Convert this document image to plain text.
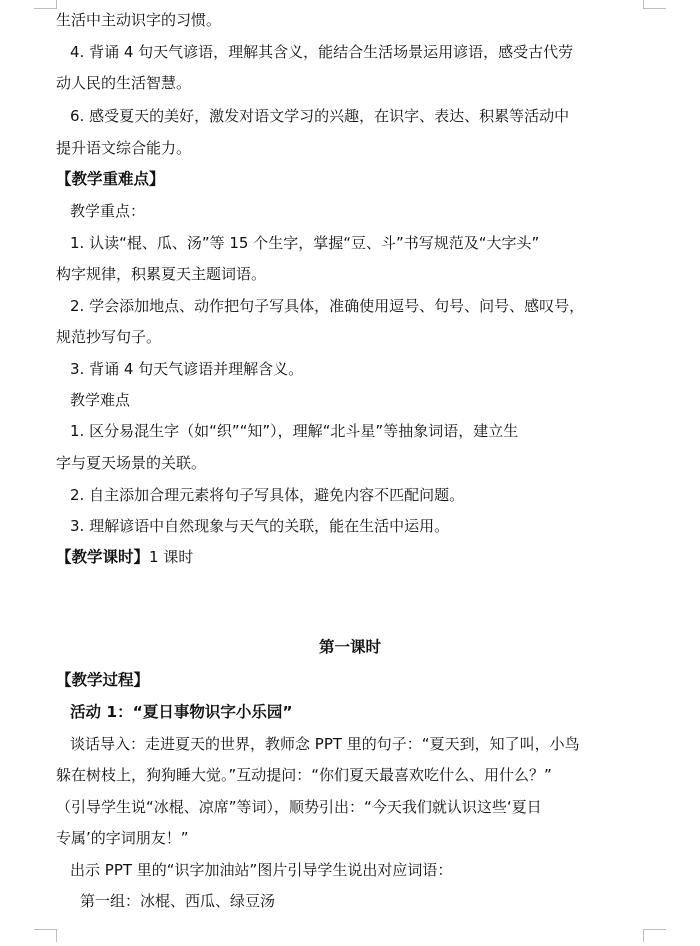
生活中主动识字的习惯。
4. 背诵 4 句天气谚语，理解其含义，能结合生活场景运用谚语，感受古代劳
动人民的生活智慧。
6. 感受夏天的美好，激发对语文学习的兴趣，在识字、表达、积累等活动中
提升语文综合能力。
【教学重难点】
教学重点：
1. 认读“棍、瓜、汤”等 15 个生字，掌握“豆、斗”书写规范及“大字头”
构字规律，积累夏天主题词语。
2. 学会添加地点、动作把句子写具体，准确使用逗号、句号、问号、感叹号，
规范抄写句子。
3. 背诵 4 句天气谚语并理解含义。
教学难点
1. 区分易混生字（如“织”“知”），理解“北斗星”等抽象词语，建立生
字与夏天场景的关联。
2. 自主添加合理元素将句子写具体，避免内容不匹配问题。
3. 理解谚语中自然现象与天气的关联，能在生活中运用。
【教学课时】1 课时
第一课时
【教学过程】
活动 1：“夏日事物识字小乐园”
谈话导入：走进夏天的世界，教师念 PPT 里的句子：“夏天到，知了叫，小鸟
躲在树枝上，狗狗睡大觉。”互动提问：“你们夏天最喜欢吃什么、用什么？”
（引导学生说“冰棍、凉席”等词），顺势引出：“今天我们就认识这些‘夏日
专属’的字词朋友！”
出示 PPT 里的“识字加油站”图片引导学生说出对应词语：
第一组：冰棍、西瓜、绿豆汤
